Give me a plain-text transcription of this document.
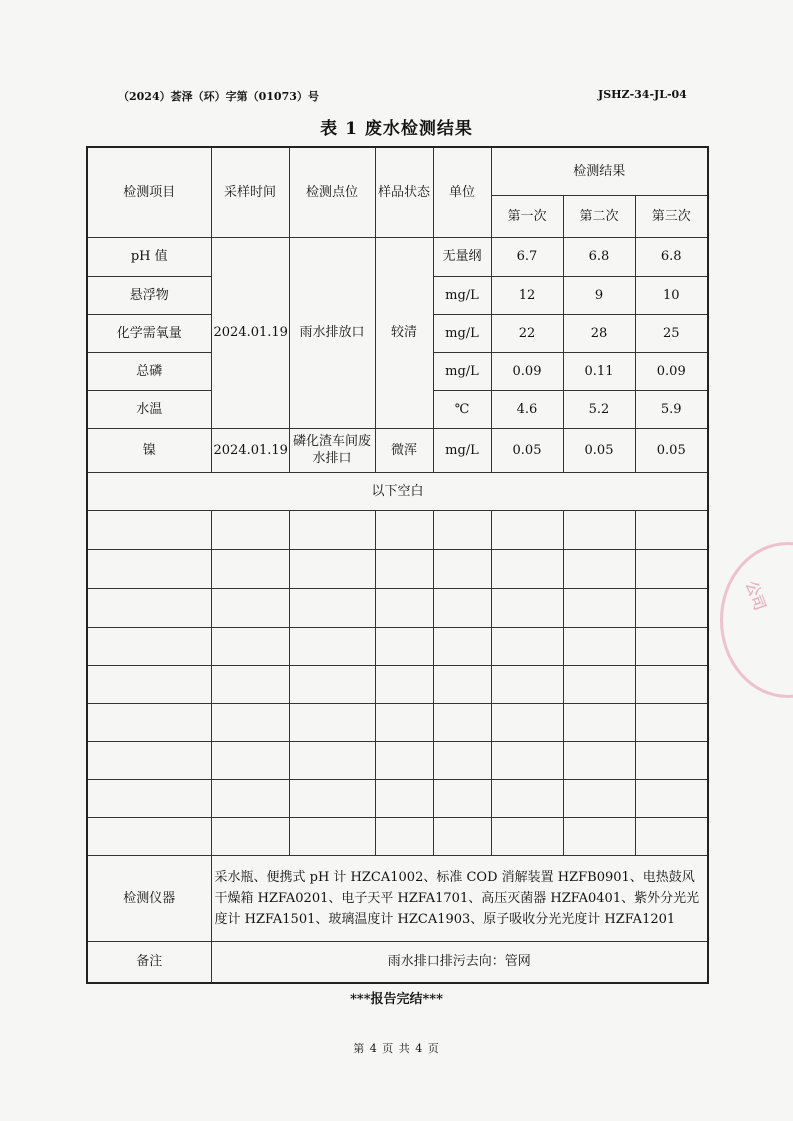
（2024）荟泽（环）字第（01073）号	JSHZ-34-JL-04
表 1 废水检测结果
检测项目	采样时间	检测点位	样品状态	单位	检测结果		
					第一次	第二次	第三次
pH 值	2024.01.19	雨水排放口	较清	无量纲	6.7	6.8	6.8
悬浮物				mg/L	12	9	10
化学需氧量				mg/L	22	28	25
总磷				mg/L	0.09	0.11	0.09
水温				℃	4.6	5.2	5.9
镍	2024.01.19	磷化渣车间废水排口	微浑	mg/L	0.05	0.05	0.05
以下空白							

检测仪器	采水瓶、便携式 pH 计 HZCA1002、标准 COD 消解装置 HZFB0901、电热鼓风干燥箱 HZFA0201、电子天平 HZFA1701、高压灭菌器 HZFA0401、紫外分光光度计 HZFA1501、玻璃温度计 HZCA1903、原子吸收分光光度计 HZFA1201						
备注	雨水排口排污去向：管网						
***报告完结***
第 4 页 共 4 页
公司
